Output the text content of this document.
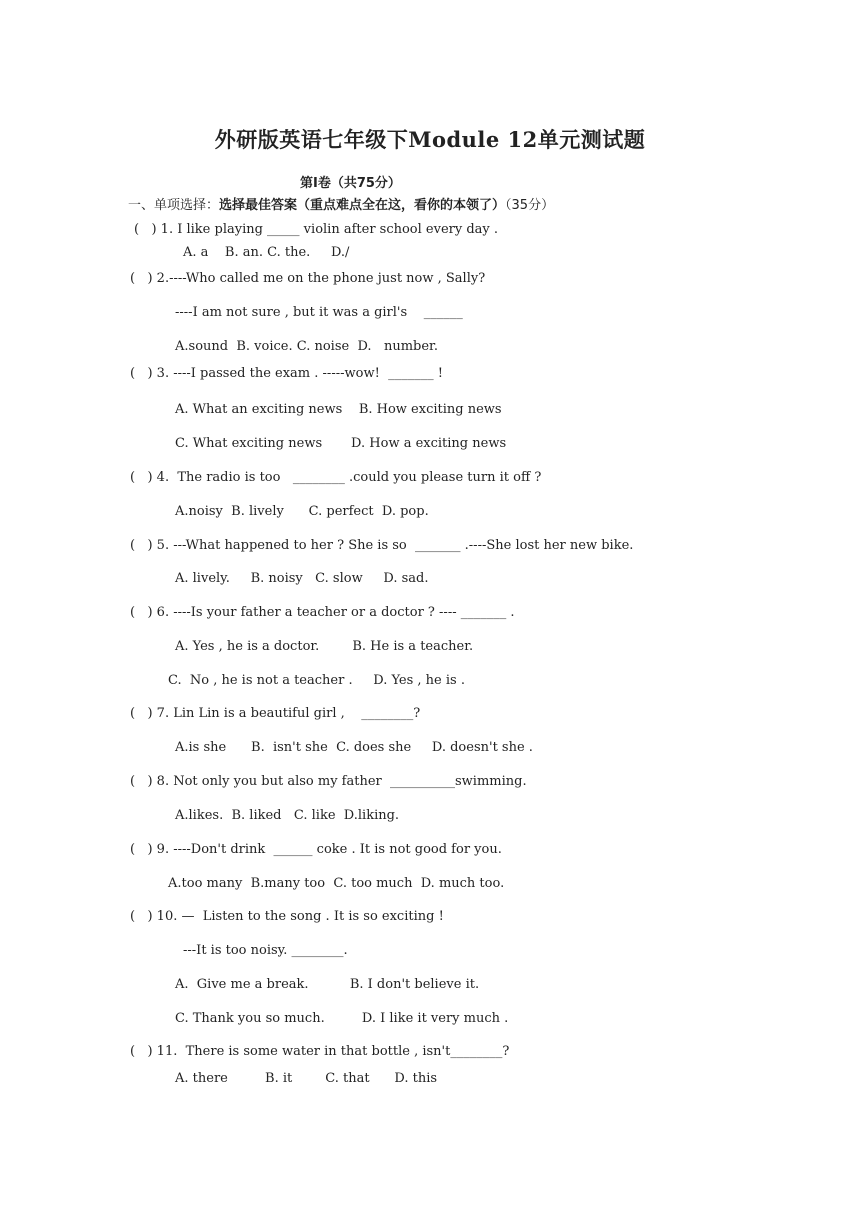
外研版英语七年级下Module 12单元测试题
第Ⅰ卷（共75分）
一、单项选择：选择最佳答案（重点难点全在这，看你的本领了）（35分）
(   ) 1. I like playing _____ violin after school every day .
A. a    B. an. C. the.     D./
(   ) 2.----Who called me on the phone just now , Sally?
----I am not sure , but it was a girl's    ______
A.sound  B. voice. C. noise  D.   number.
(   ) 3. ----I passed the exam . -----wow!  _______ !
A. What an exciting news    B. How exciting news
C. What exciting news       D. How a exciting news
(   ) 4.  The radio is too   ________ .could you please turn it off ?
A.noisy  B. lively      C. perfect  D. pop.
(   ) 5. ---What happened to her ? She is so  _______ .----She lost her new bike.
A. lively.     B. noisy   C. slow     D. sad.
(   ) 6. ----Is your father a teacher or a doctor ? ---- _______ .
A. Yes , he is a doctor.        B. He is a teacher.
C.  No , he is not a teacher .     D. Yes , he is .
(   ) 7. Lin Lin is a beautiful girl ,    ________?
A.is she      B.  isn't she  C. does she     D. doesn't she .
(   ) 8. Not only you but also my father  __________swimming.
A.likes.  B. liked   C. like  D.liking.
(   ) 9. ----Don't drink  ______ coke . It is not good for you.
A.too many  B.many too  C. too much  D. much too.
(   ) 10. —  Listen to the song . It is so exciting !
---It is too noisy. ________.
A.  Give me a break.          B. I don't believe it.
C. Thank you so much.         D. I like it very much .
(   ) 11.  There is some water in that bottle , isn't________?
A. there         B. it        C. that      D. this
